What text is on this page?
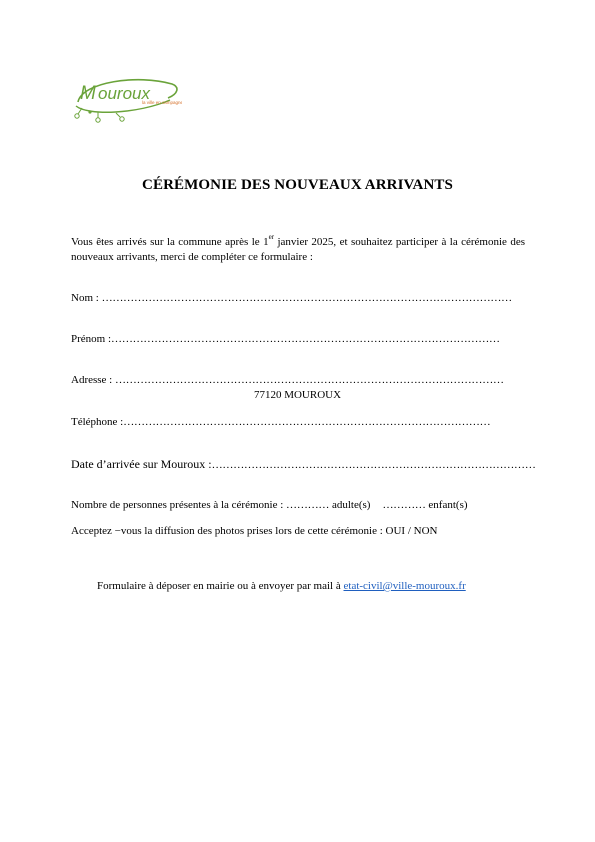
M ouroux
la ville en campagne
CÉRÉMONIE DES NOUVEAUX ARRIVANTS
Vous êtes arrivés sur la commune après le 1er janvier 2025, et souhaitez participer à la cérémonie des nouveaux arrivants, merci de compléter ce formulaire :
Nom : ……………………………………………………………………………………………………
Prénom :………………………………………………………………………………………………
Adresse : ………………………………………………………………………………………………
77120 MOUROUX
Téléphone :…………………………………………………………………………………………
Date d’arrivée sur Mouroux :………………………………………………………………………………
Nombre de personnes présentes à la cérémonie : ………… adulte(s) ………… enfant(s)
Acceptez −vous la diffusion des photos prises lors de cette cérémonie : OUI / NON
Formulaire à déposer en mairie ou à envoyer par mail à etat-civil@ville-mouroux.fr
